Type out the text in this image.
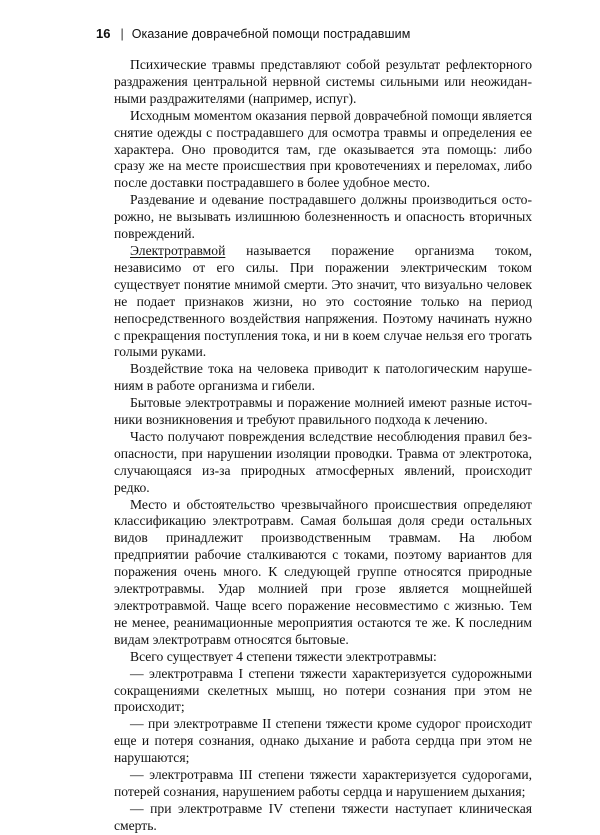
16 | Оказание доврачебной помощи пострадавшим

Психические травмы представляют собой результат рефлекторного раздражения центральной нервной системы сильными или неожиданными раздражителями (например, испуг).

Исходным моментом оказания первой доврачебной помощи является снятие одежды с пострадавшего для осмотра травмы и определения ее характера. Оно проводится там, где оказывается эта помощь: либо сразу же на месте происшествия при кровотечениях и переломах, либо после доставки пострадавшего в более удобное место.

Раздевание и одевание пострадавшего должны производиться осторожно, не вызывать излишнюю болезненность и опасность вторичных повреждений.

Электротравмой называется поражение организма током, независимо от его силы. При поражении электрическим током существует понятие мнимой смерти. Это значит, что визуально человек не подает признаков жизни, но это состояние только на период непосредственного воздействия напряжения. Поэтому начинать нужно с прекращения поступления тока, и ни в коем случае нельзя его трогать голыми руками.

Воздействие тока на человека приводит к патологическим нарушениям в работе организма и гибели.

Бытовые электротравмы и поражение молнией имеют разные источники возникновения и требуют правильного подхода к лечению.

Часто получают повреждения вследствие несоблюдения правил безопасности, при нарушении изоляции проводки. Травма от электротока, случающаяся из-за природных атмосферных явлений, происходит редко.

Место и обстоятельство чрезвычайного происшествия определяют классификацию электротравм. Самая большая доля среди остальных видов принадлежит производственным травмам. На любом предприятии рабочие сталкиваются с токами, поэтому вариантов для поражения очень много. К следующей группе относятся природные электротравмы. Удар молнией при грозе является мощнейшей электротравмой. Чаще всего поражение несовместимо с жизнью. Тем не менее, реанимационные мероприятия остаются те же. К последним видам электротравм относятся бытовые.

Всего существует 4 степени тяжести электротравмы:

— электротравма I степени тяжести характеризуется судорожными сокращениями скелетных мышц, но потери сознания при этом не происходит;

— при электротравме II степени тяжести кроме судорог происходит еще и потеря сознания, однако дыхание и работа сердца при этом не нарушаются;

— электротравма III степени тяжести характеризуется судорогами, потерей сознания, нарушением работы сердца и нарушением дыхания;

— при электротравме IV степени тяжести наступает клиническая смерть.
